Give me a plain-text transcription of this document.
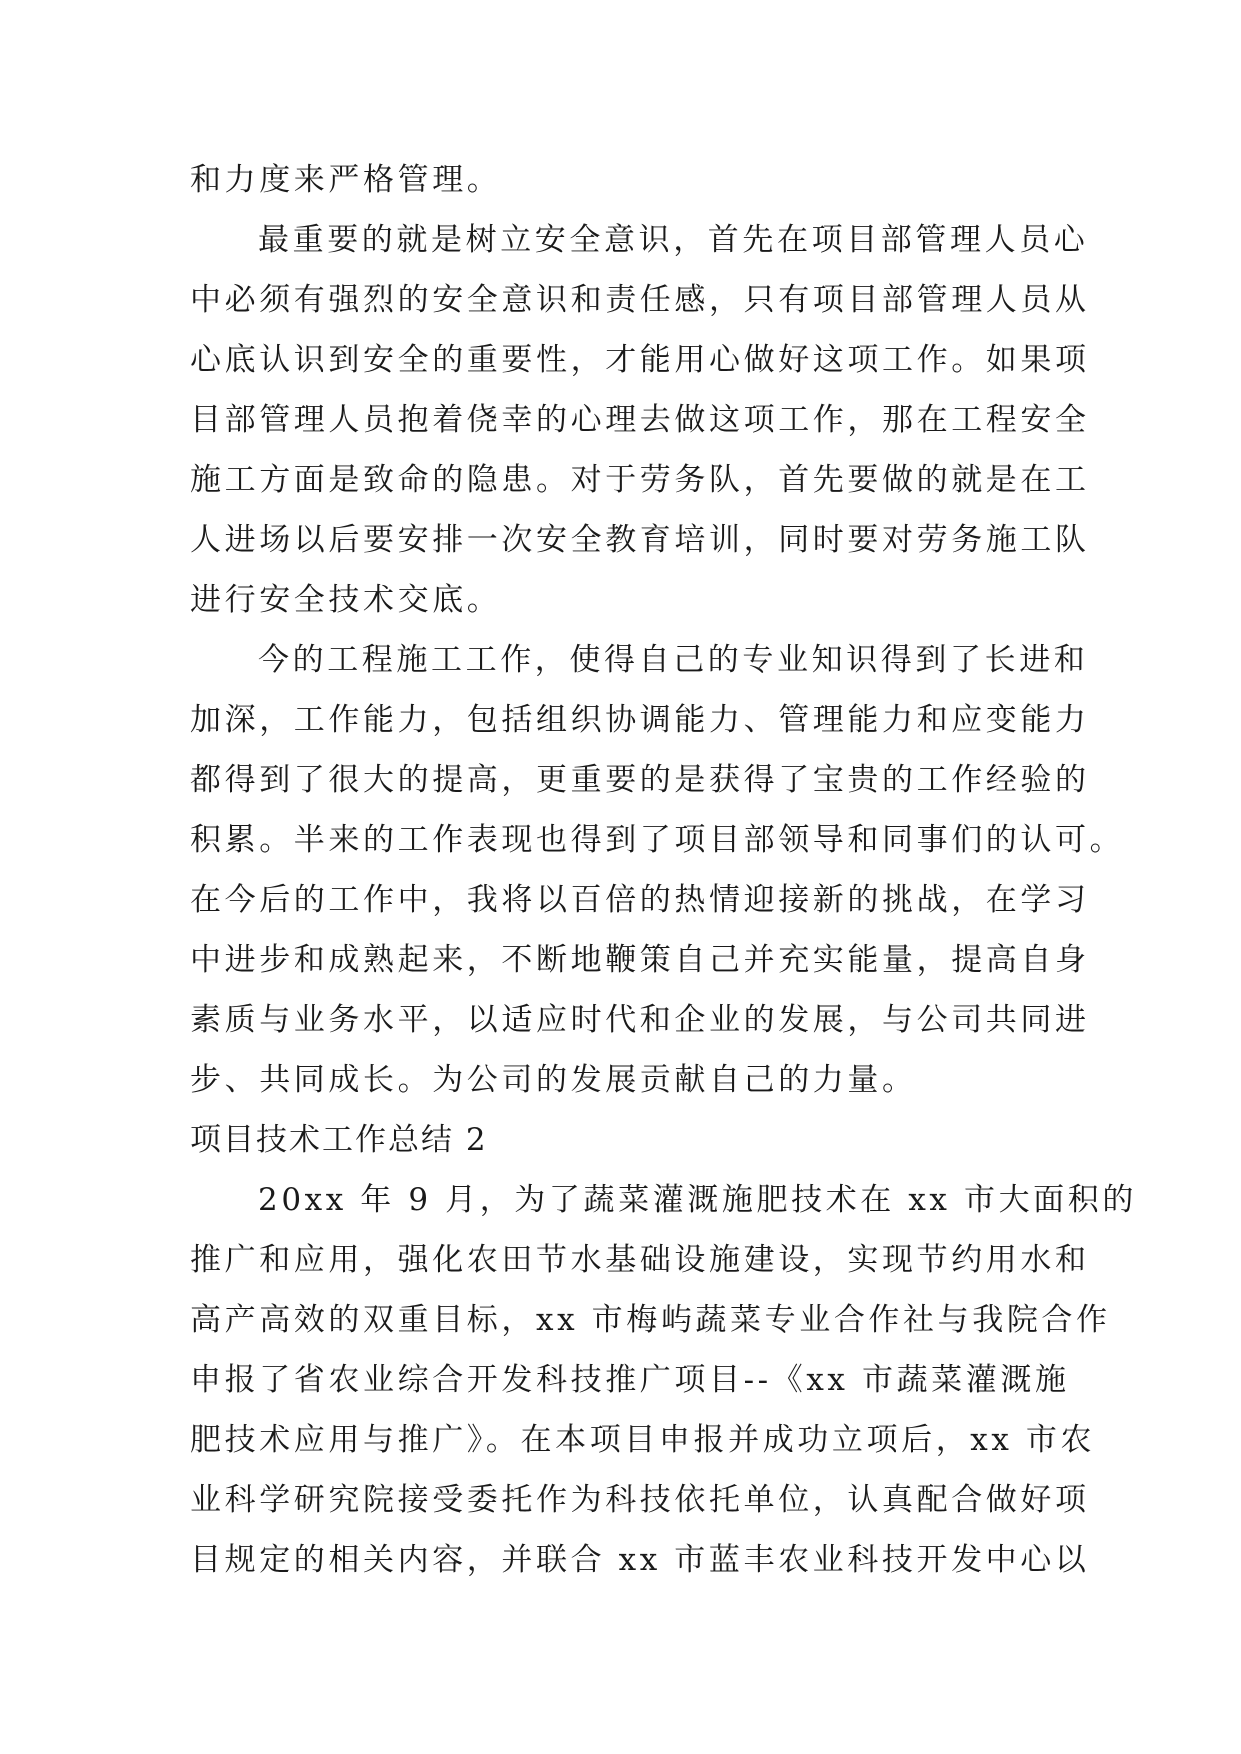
和力度来严格管理。
最重要的就是树立安全意识，首先在项目部管理人员心
中必须有强烈的安全意识和责任感，只有项目部管理人员从
心底认识到安全的重要性，才能用心做好这项工作。如果项
目部管理人员抱着侥幸的心理去做这项工作，那在工程安全
施工方面是致命的隐患。对于劳务队，首先要做的就是在工
人进场以后要安排一次安全教育培训，同时要对劳务施工队
进行安全技术交底。
今的工程施工工作，使得自己的专业知识得到了长进和
加深，工作能力，包括组织协调能力、管理能力和应变能力
都得到了很大的提高，更重要的是获得了宝贵的工作经验的
积累。半来的工作表现也得到了项目部领导和同事们的认可。
在今后的工作中，我将以百倍的热情迎接新的挑战，在学习
中进步和成熟起来，不断地鞭策自己并充实能量，提高自身
素质与业务水平，以适应时代和企业的发展，与公司共同进
步、共同成长。为公司的发展贡献自己的力量。
项目技术工作总结 2
20xx 年 9 月，为了蔬菜灌溉施肥技术在 xx 市大面积的
推广和应用，强化农田节水基础设施建设，实现节约用水和
高产高效的双重目标，xx 市梅屿蔬菜专业合作社与我院合作
申报了省农业综合开发科技推广项目--《xx 市蔬菜灌溉施
肥技术应用与推广》。在本项目申报并成功立项后，xx 市农
业科学研究院接受委托作为科技依托单位，认真配合做好项
目规定的相关内容，并联合 xx 市蓝丰农业科技开发中心以
